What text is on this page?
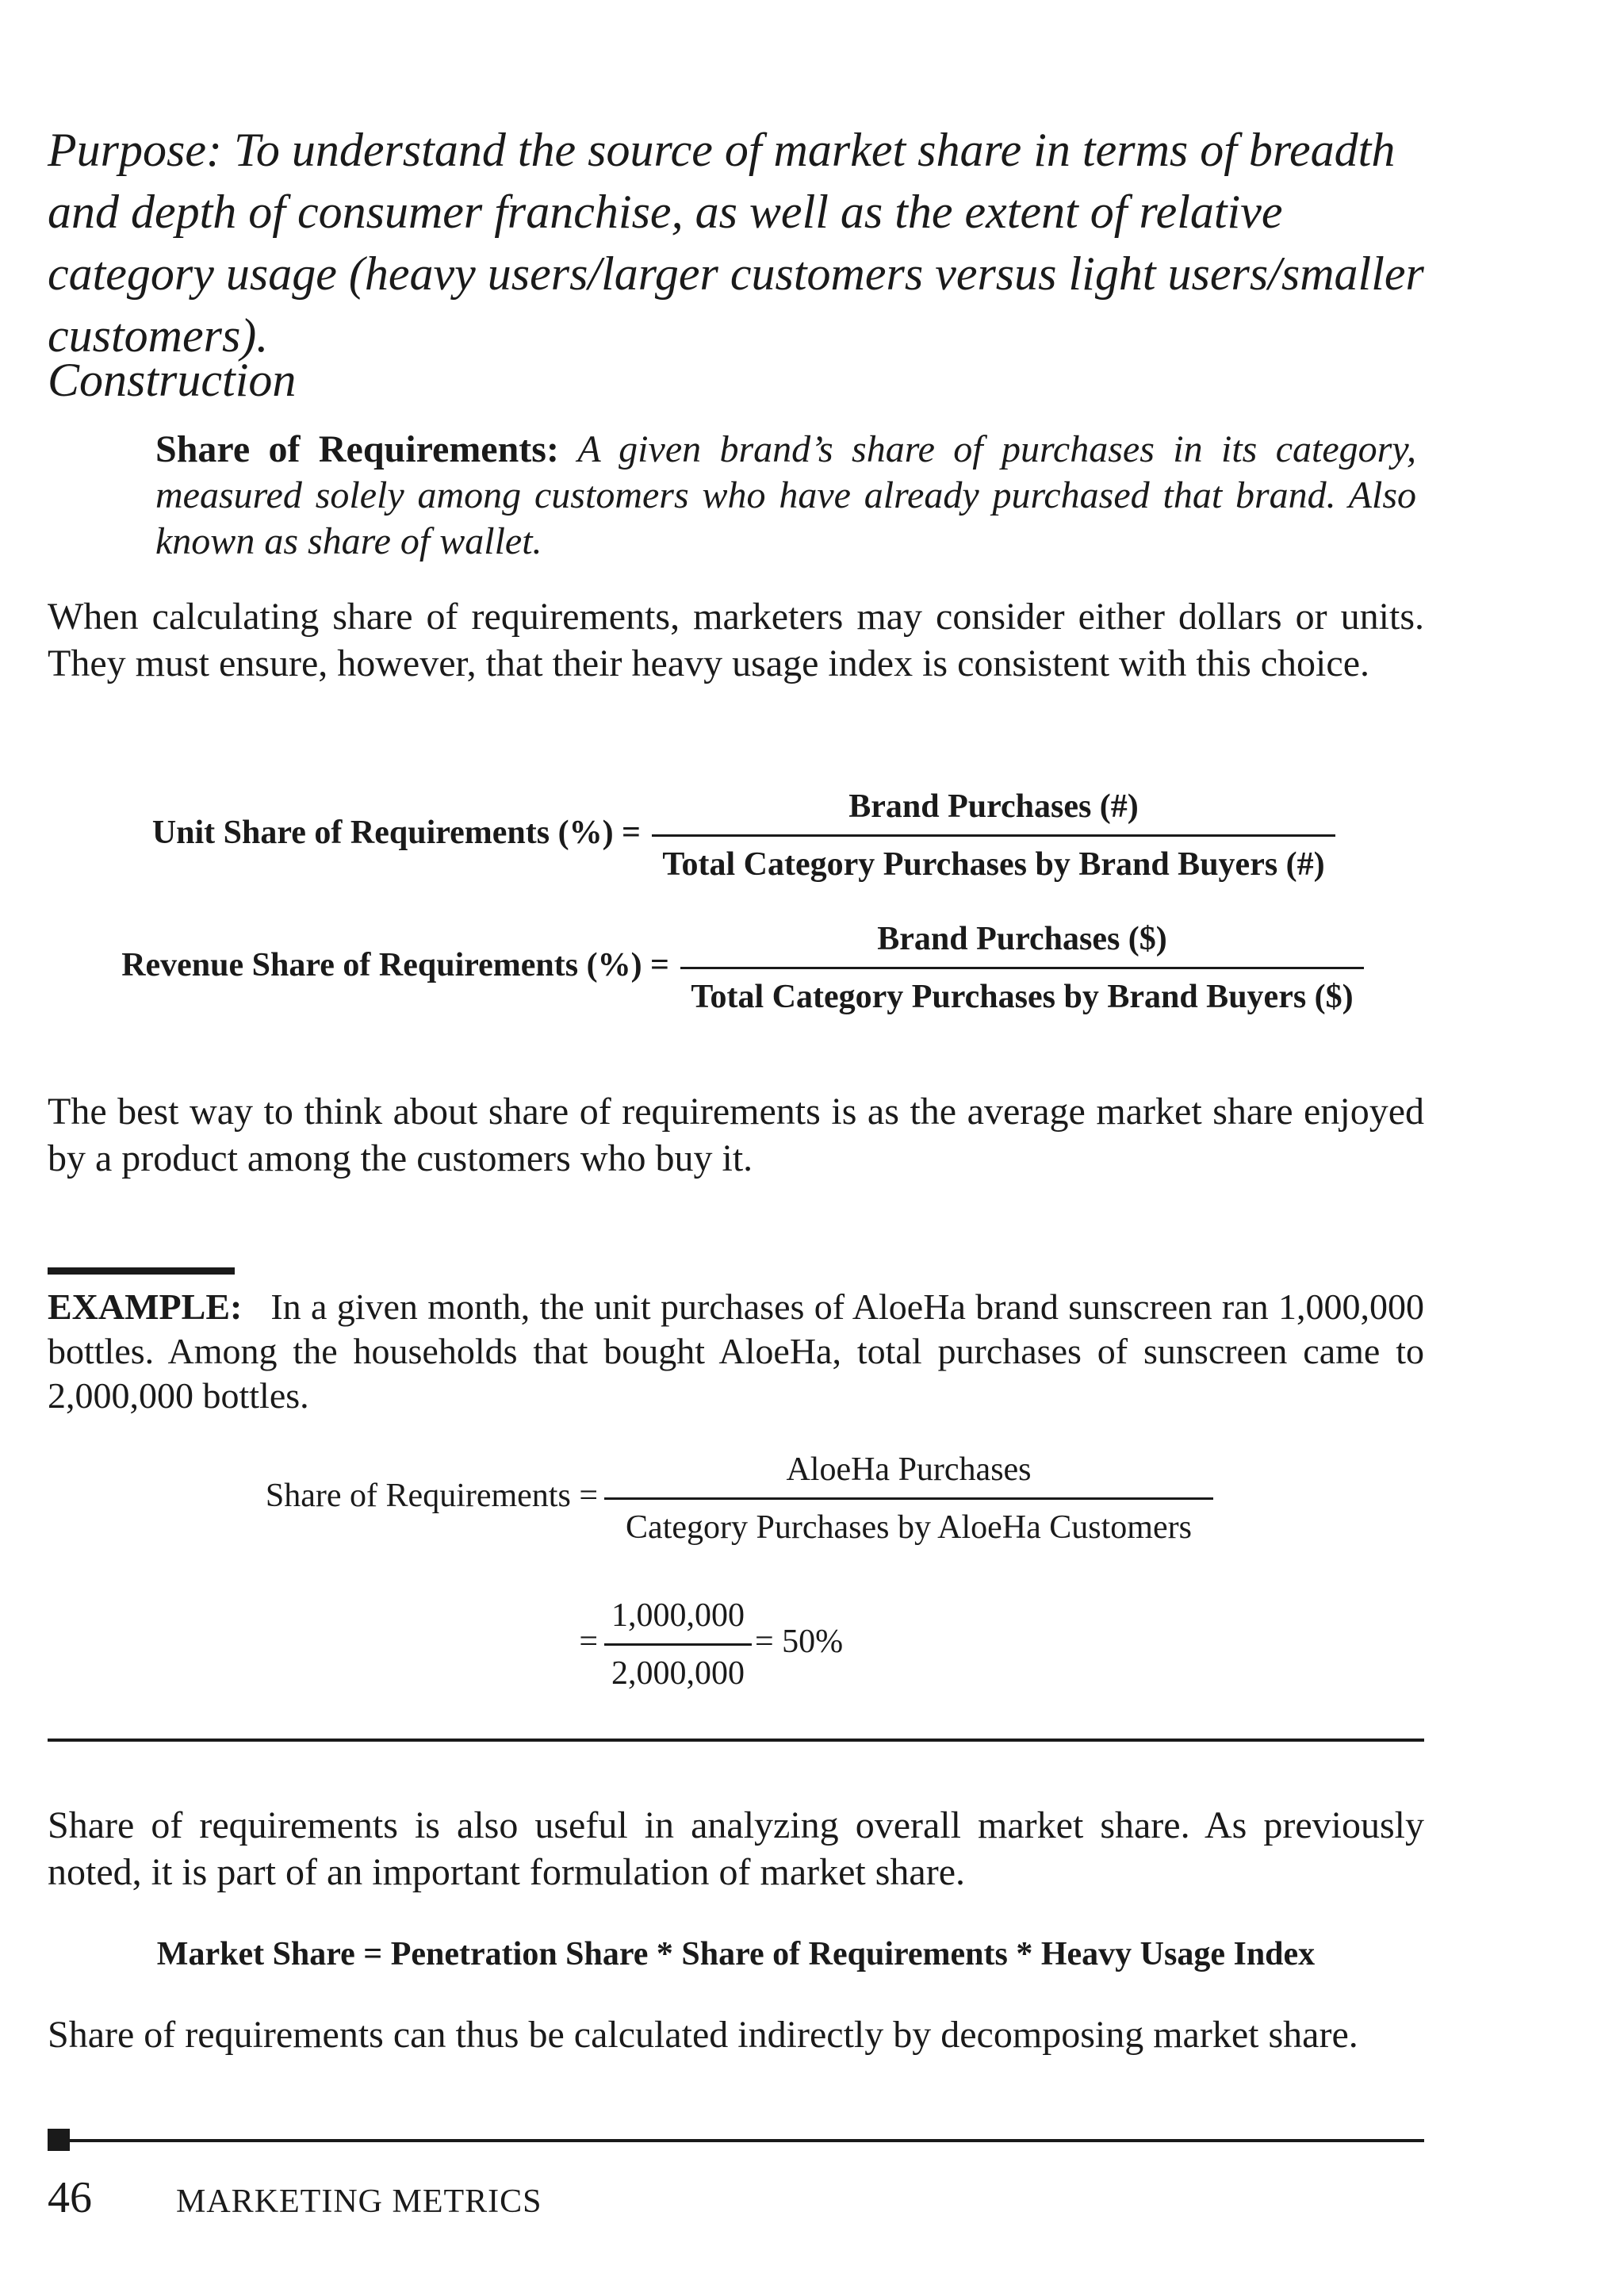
Purpose: To understand the source of market share in terms of breadth and depth of consumer franchise, as well as the extent of relative category usage (heavy users/larger customers versus light users/smaller customers).
Construction
Share of Requirements: A given brand’s share of purchases in its category, measured solely among customers who have already purchased that brand. Also known as share of wallet.
When calculating share of requirements, marketers may consider either dollars or units. They must ensure, however, that their heavy usage index is consistent with this choice.
Unit Share of Requirements (%) =
Brand Purchases (#)
Total Category Purchases by Brand Buyers (#)
Revenue Share of Requirements (%) =
Brand Purchases ($)
Total Category Purchases by Brand Buyers ($)
The best way to think about share of requirements is as the average market share enjoyed by a product among the customers who buy it.
EXAMPLE: In a given month, the unit purchases of AloeHa brand sunscreen ran 1,000,000 bottles. Among the households that bought AloeHa, total purchases of sunscreen came to 2,000,000 bottles.
Share of Requirements =
AloeHa Purchases
Category Purchases by AloeHa Customers
=
1,000,000
2,000,000
= 50%
Share of requirements is also useful in analyzing overall market share. As previously noted, it is part of an important formulation of market share.
Market Share = Penetration Share * Share of Requirements * Heavy Usage Index
Share of requirements can thus be calculated indirectly by decomposing market share.
46	MARKETING METRICS
